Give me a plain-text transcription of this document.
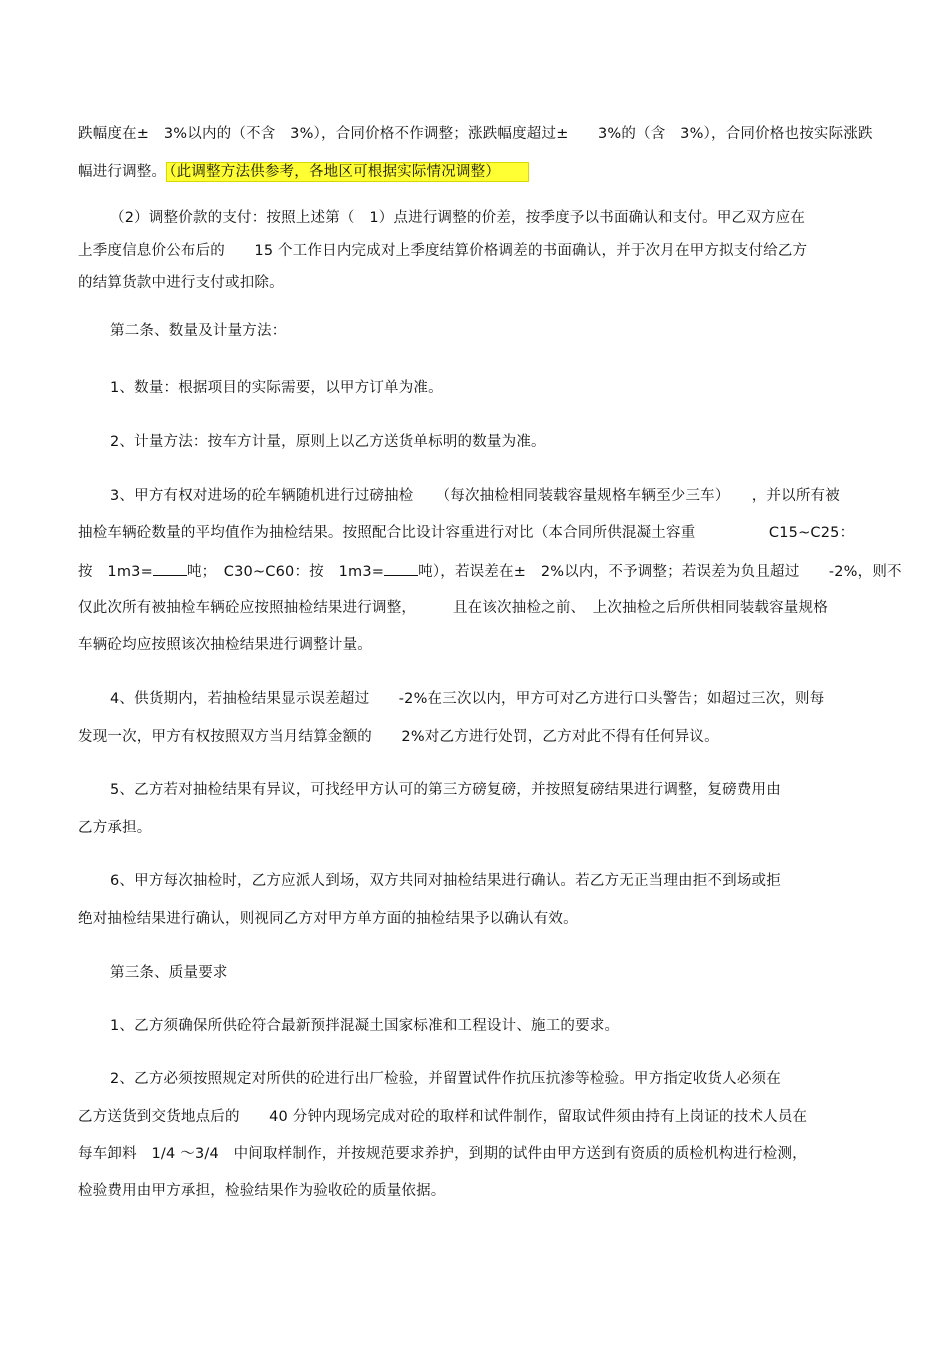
跌幅度在±　3%以内的（不含　3%），合同价格不作调整；涨跌幅度超过±　　3%的（含　3%），合同价格也按实际涨跌
幅进行调整。 （此调整方法供参考，各地区可根据实际情况调整）
（2）调整价款的支付：按照上述第（　1）点进行调整的价差，按季度予以书面确认和支付。甲乙双方应在
上季度信息价公布后的　　15 个工作日内完成对上季度结算价格调差的书面确认，并于次月在甲方拟支付给乙方
的结算货款中进行支付或扣除。
第二条、数量及计量方法：
1、数量：根据项目的实际需要，以甲方订单为准。
2、计量方法：按车方计量，原则上以乙方送货单标明的数量为准。
3、甲方有权对进场的砼车辆随机进行过磅抽检　　（每次抽检相同装载容量规格车辆至少三车）　　，并以所有被
抽检车辆砼数量的平均值作为抽检结果。按照配合比设计容重进行对比（本合同所供混凝土容重　　　　　C15~C25：
按　1m3= 吨；　C30~C60：按　1m3= 吨），若误差在±　2%以内，不予调整；若误差为负且超过　　-2%，则不
仅此次所有被抽检车辆砼应按照抽检结果进行调整，　　　且在该次抽检之前、　上次抽检之后所供相同装载容量规格
车辆砼均应按照该次抽检结果进行调整计量。
4、供货期内，若抽检结果显示误差超过　　-2%在三次以内，甲方可对乙方进行口头警告；如超过三次，则每
发现一次，甲方有权按照双方当月结算金额的　　2%对乙方进行处罚，乙方对此不得有任何异议。
5、乙方若对抽检结果有异议，可找经甲方认可的第三方磅复磅，并按照复磅结果进行调整，复磅费用由
乙方承担。
6、甲方每次抽检时，乙方应派人到场，双方共同对抽检结果进行确认。若乙方无正当理由拒不到场或拒
绝对抽检结果进行确认，则视同乙方对甲方单方面的抽检结果予以确认有效。
第三条、质量要求
1、乙方须确保所供砼符合最新预拌混凝土国家标准和工程设计、施工的要求。
2、乙方必须按照规定对所供的砼进行出厂检验，并留置试件作抗压抗渗等检验。甲方指定收货人必须在
乙方送货到交货地点后的　　40 分钟内现场完成对砼的取样和试件制作，留取试件须由持有上岗证的技术人员在
每车卸料　1/4 ～3/4　中间取样制作，并按规范要求养护，到期的试件由甲方送到有资质的质检机构进行检测，
检验费用由甲方承担，检验结果作为验收砼的质量依据。
